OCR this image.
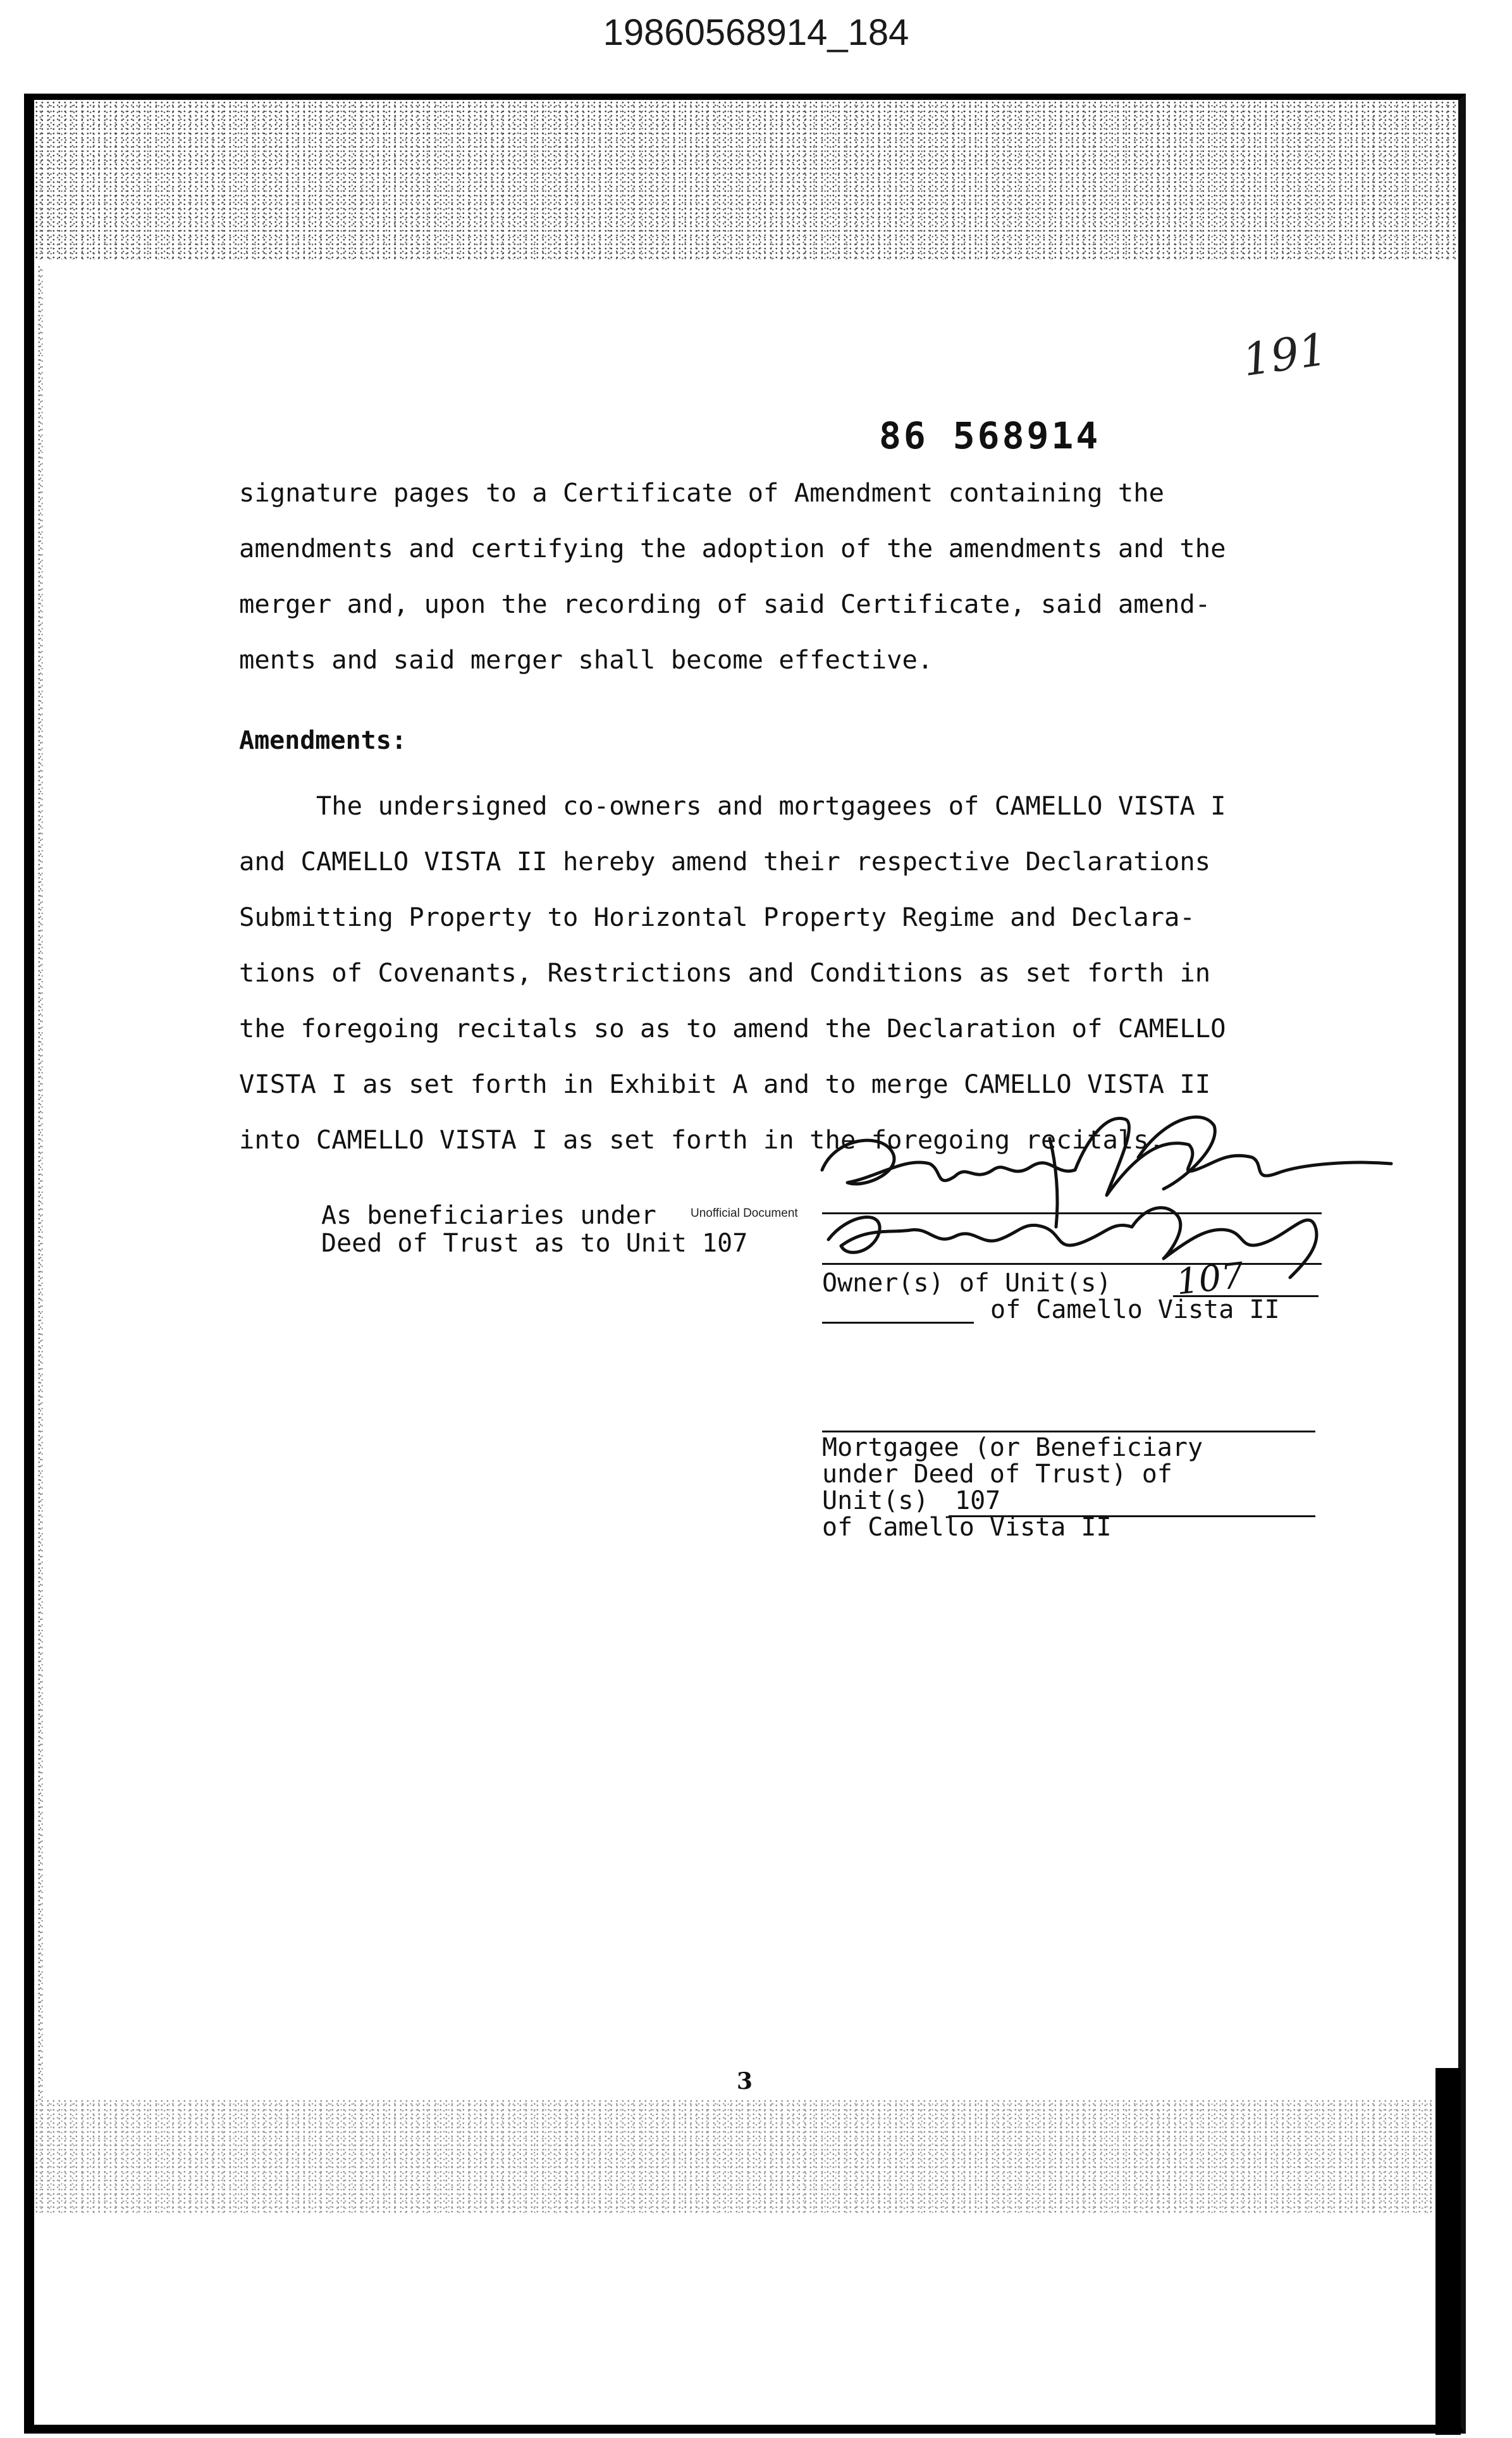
19860568914_184
191
86 568914
signature pages to a Certificate of Amendment containing the
amendments and certifying the adoption of the amendments and the
merger and, upon the recording of said Certificate, said amend-
ments and said merger shall become effective.
Amendments:
The undersigned co-owners and mortgagees of CAMELLO VISTA I
and CAMELLO VISTA II hereby amend their respective Declarations
Submitting Property to Horizontal Property Regime and Declara-
tions of Covenants, Restrictions and Conditions as set forth in
the foregoing recitals so as to amend the Declaration of CAMELLO
VISTA I as set forth in Exhibit A and to merge CAMELLO VISTA II
into CAMELLO VISTA I as set forth in the foregoing recitals.
As beneficiaries under
Deed of Trust as to Unit 107
Unofficial Document
Owner(s) of Unit(s) 107
of Camello Vista II
Mortgagee (or Beneficiary
under Deed of Trust) of
Unit(s) 107
of Camello Vista II
3
